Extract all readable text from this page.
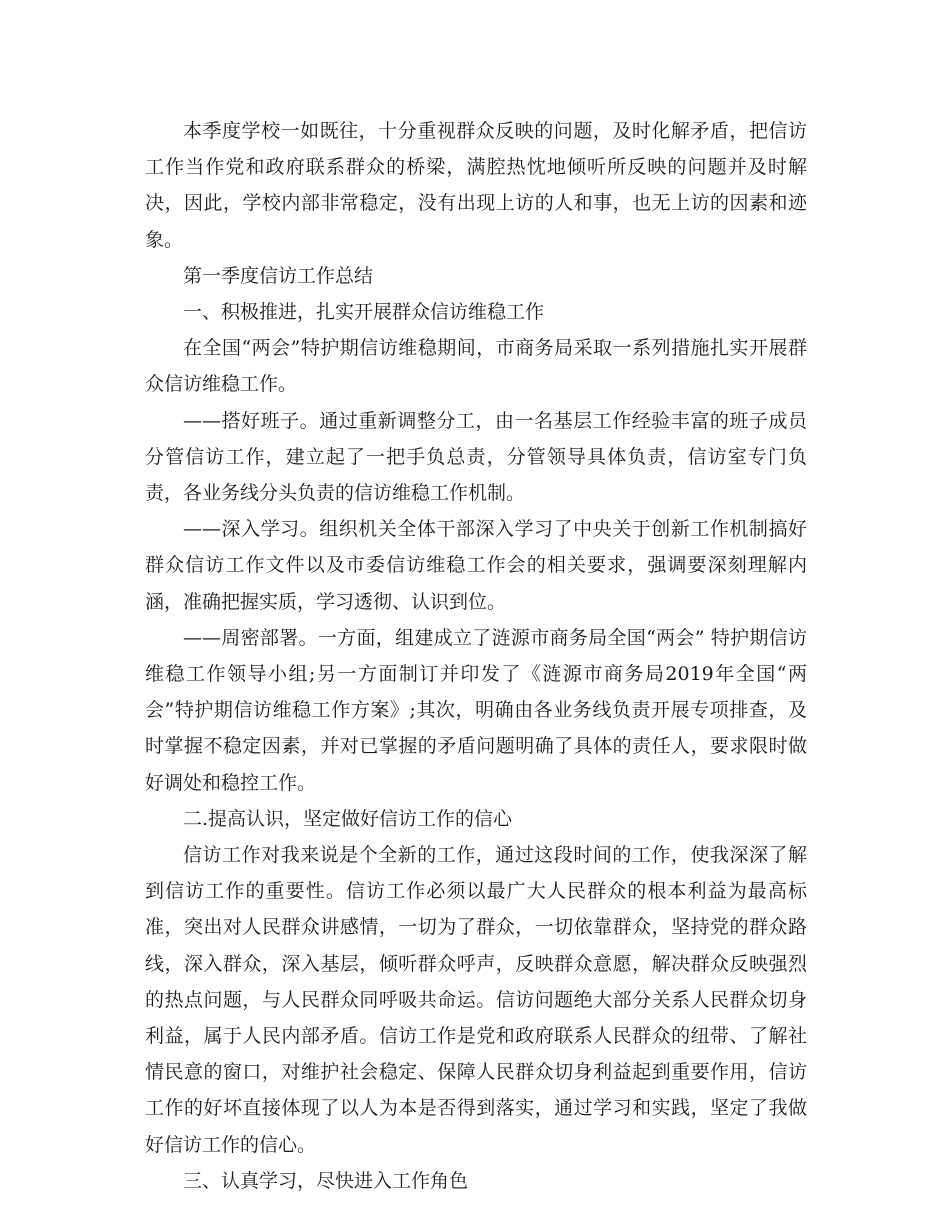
本季度学校一如既往，十分重视群众反映的问题，及时化解矛盾，把信访工作当作党和政府联系群众的桥梁，满腔热忱地倾听所反映的问题并及时解决，因此，学校内部非常稳定，没有出现上访的人和事，也无上访的因素和迹象。

第一季度信访工作总结

一、积极推进，扎实开展群众信访维稳工作

在全国“两会”特护期信访维稳期间，市商务局采取一系列措施扎实开展群众信访维稳工作。

——搭好班子。通过重新调整分工，由一名基层工作经验丰富的班子成员分管信访工作，建立起了一把手负总责，分管领导具体负责，信访室专门负责，各业务线分头负责的信访维稳工作机制。

——深入学习。组织机关全体干部深入学习了中央关于创新工作机制搞好群众信访工作文件以及市委信访维稳工作会的相关要求，强调要深刻理解内涵，准确把握实质，学习透彻、认识到位。

——周密部署。一方面，组建成立了涟源市商务局全国“两会” 特护期信访维稳工作领导小组;另一方面制订并印发了《涟源市商务局2019年全国“两会”特护期信访维稳工作方案》;其次，明确由各业务线负责开展专项排查，及时掌握不稳定因素，并对已掌握的矛盾问题明确了具体的责任人，要求限时做好调处和稳控工作。

二.提高认识，坚定做好信访工作的信心

信访工作对我来说是个全新的工作，通过这段时间的工作，使我深深了解到信访工作的重要性。信访工作必须以最广大人民群众的根本利益为最高标准，突出对人民群众讲感情，一切为了群众，一切依靠群众，坚持党的群众路线，深入群众，深入基层，倾听群众呼声，反映群众意愿，解决群众反映强烈的热点问题，与人民群众同呼吸共命运。信访问题绝大部分关系人民群众切身利益，属于人民内部矛盾。信访工作是党和政府联系人民群众的纽带、了解社情民意的窗口，对维护社会稳定、保障人民群众切身利益起到重要作用，信访工作的好坏直接体现了以人为本是否得到落实，通过学习和实践，坚定了我做好信访工作的信心。

三、认真学习，尽快进入工作角色
